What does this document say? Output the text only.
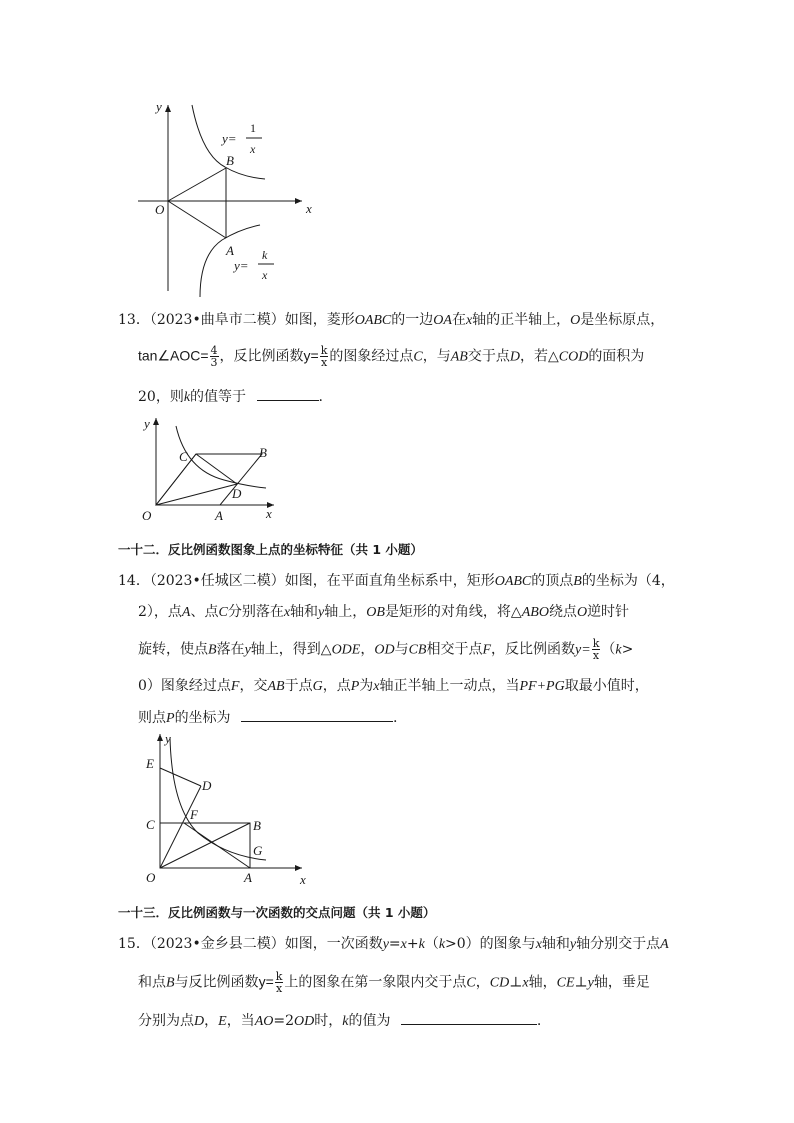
y
x
O
B
A
y=
1
x
y=
k
x
13．（2023•曲阜市二模）如图，菱形OABC的一边OA在x轴的正半轴上，O是坐标原点，
tan∠AOC= $\frac{4}{3}$ ，反比例函数$y= \frac{k}{x}$ 的图象经过点C，与AB交于点D，若△COD的面积为
20，则k的值等于	.
y
x
O	A
B
C
D
一十二．反比例函数图象上点的坐标特征（共 1 小题）
14．（2023•任城区二模）如图，在平面直角坐标系中，矩形OABC的顶点B的坐标为（4，
2），点A、点C分别落在x轴和y轴上，OB是矩形的对角线，将△ABO绕点O逆时针
旋转，使点B落在y轴上，得到△ODE，OD与CB相交于点F，反比例函数$y= \frac{k}{x} (k>$
0）图象经过点F，交AB于点G，点P为x轴正半轴上一动点，当PF+PG取最小值时，
则点P的坐标为	.
y
x
O	A
B
C
D
E
F
G
一十三．反比例函数与一次函数的交点问题（共 1 小题）
15．（2023•金乡县二模）如图，一次函数y=x+k（k>0）的图象与x轴和y轴分别交于点A
和点B与反比例函数$y= \frac{k}{x}$ 上的图象在第一象限内交于点C，CD⊥x轴，CE⊥y轴，垂足
分别为点D，E，当AO=2OD时，k的值为	.
